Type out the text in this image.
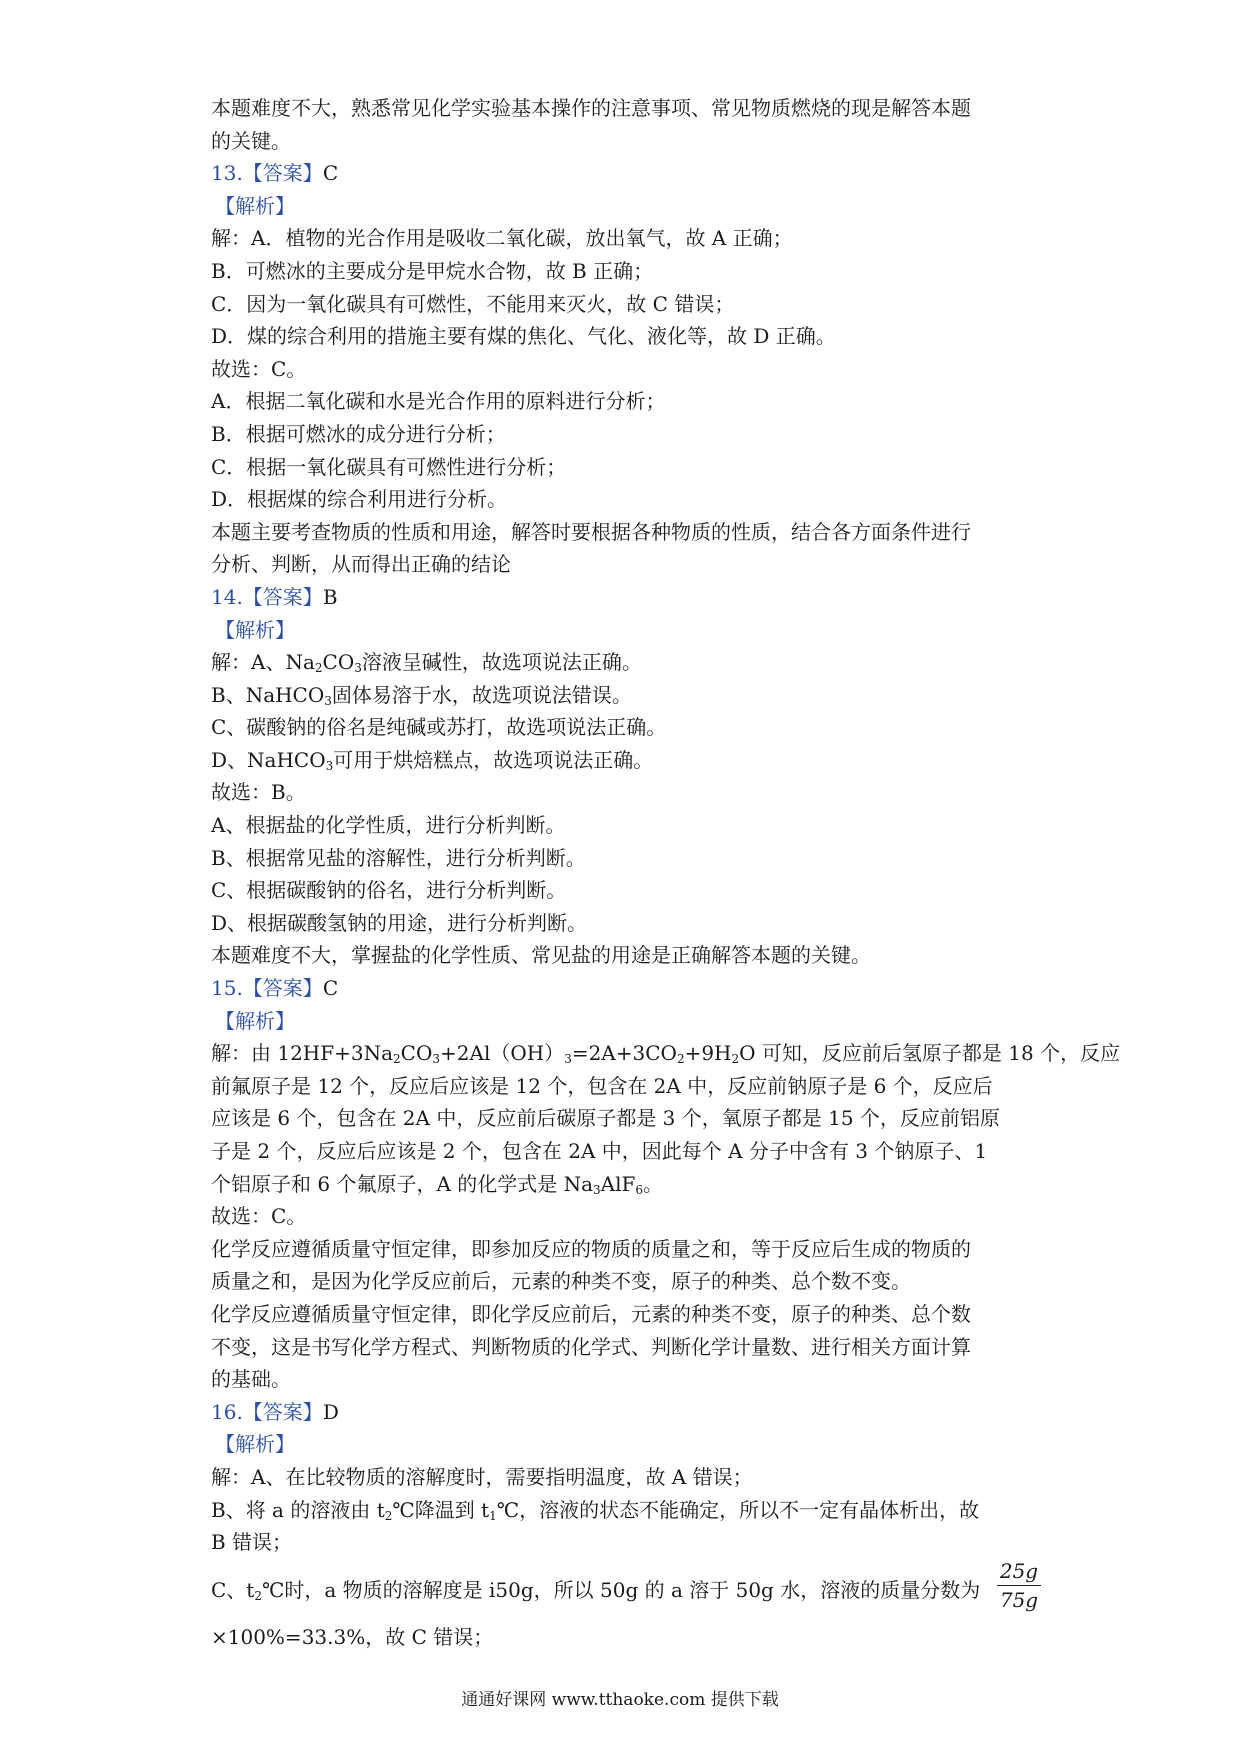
本题难度不大，熟悉常见化学实验基本操作的注意事项、常见物质燃烧的现是解答本题
的关键。
13.【答案】C
【解析】
解：A．植物的光合作用是吸收二氧化碳，放出氧气，故 A 正确；
B．可燃冰的主要成分是甲烷水合物，故 B 正确；
C．因为一氧化碳具有可燃性，不能用来灭火，故 C 错误；
D．煤的综合利用的措施主要有煤的焦化、气化、液化等，故 D 正确。
故选：C。
A．根据二氧化碳和水是光合作用的原料进行分析；
B．根据可燃冰的成分进行分析；
C．根据一氧化碳具有可燃性进行分析；
D．根据煤的综合利用进行分析。
本题主要考查物质的性质和用途，解答时要根据各种物质的性质，结合各方面条件进行
分析、判断，从而得出正确的结论
14.【答案】B
【解析】
解：A、$Na_2CO_3$溶液呈碱性，故选项说法正确。
B、NaHCO$_3$固体易溶于水，故选项说法错误。
C、碳酸钠的俗名是纯碱或苏打，故选项说法正确。
D、NaHCO$_3$可用于烘焙糕点，故选项说法正确。
故选：B。
A、根据盐的化学性质，进行分析判断。
B、根据常见盐的溶解性，进行分析判断。
C、根据碳酸钠的俗名，进行分析判断。
D、根据碳酸氢钠的用途，进行分析判断。
本题难度不大，掌握盐的化学性质、常见盐的用途是正确解答本题的关键。
15.【答案】C
【解析】
解：由 $12HF+3Na_2CO_3+2Al(OH)_3=2A+3CO_2+9H_2O$ 可知，反应前后氢原子都是 18 个，反应
前氟原子是 12 个，反应后应该是 12 个，包含在 2A 中，反应前钠原子是 6 个，反应后
应该是 6 个，包含在 2A 中，反应前后碳原子都是 3 个，氧原子都是 15 个，反应前铝原
子是 2 个，反应后应该是 2 个，包含在 2A 中，因此每个 A 分子中含有 3 个钠原子、1
个铝原子和 6 个氟原子，A 的化学式是 $Na_3AlF_6$。
故选：C。
化学反应遵循质量守恒定律，即参加反应的物质的质量之和，等于反应后生成的物质的
质量之和，是因为化学反应前后，元素的种类不变，原子的种类、总个数不变。
化学反应遵循质量守恒定律，即化学反应前后，元素的种类不变，原子的种类、总个数
不变，这是书写化学方程式、判断物质的化学式、判断化学计量数、进行相关方面计算
的基础。
16.【答案】D
【解析】
解：A、在比较物质的溶解度时，需要指明温度，故 A 错误；
B、将 a 的溶液由 $t_2℃$降温到 $t_1℃$，溶液的状态不能确定，所以不一定有晶体析出，故
B 错误；
C、$t_2℃$时，a 物质的溶解度是 i50g，所以 50g 的 a 溶于 50g 水，溶液的质量分数为 $\frac{25g}{75g}$
×100%=33.3%，故 C 错误；
通通好课网 www.tthaoke.com 提供下载
